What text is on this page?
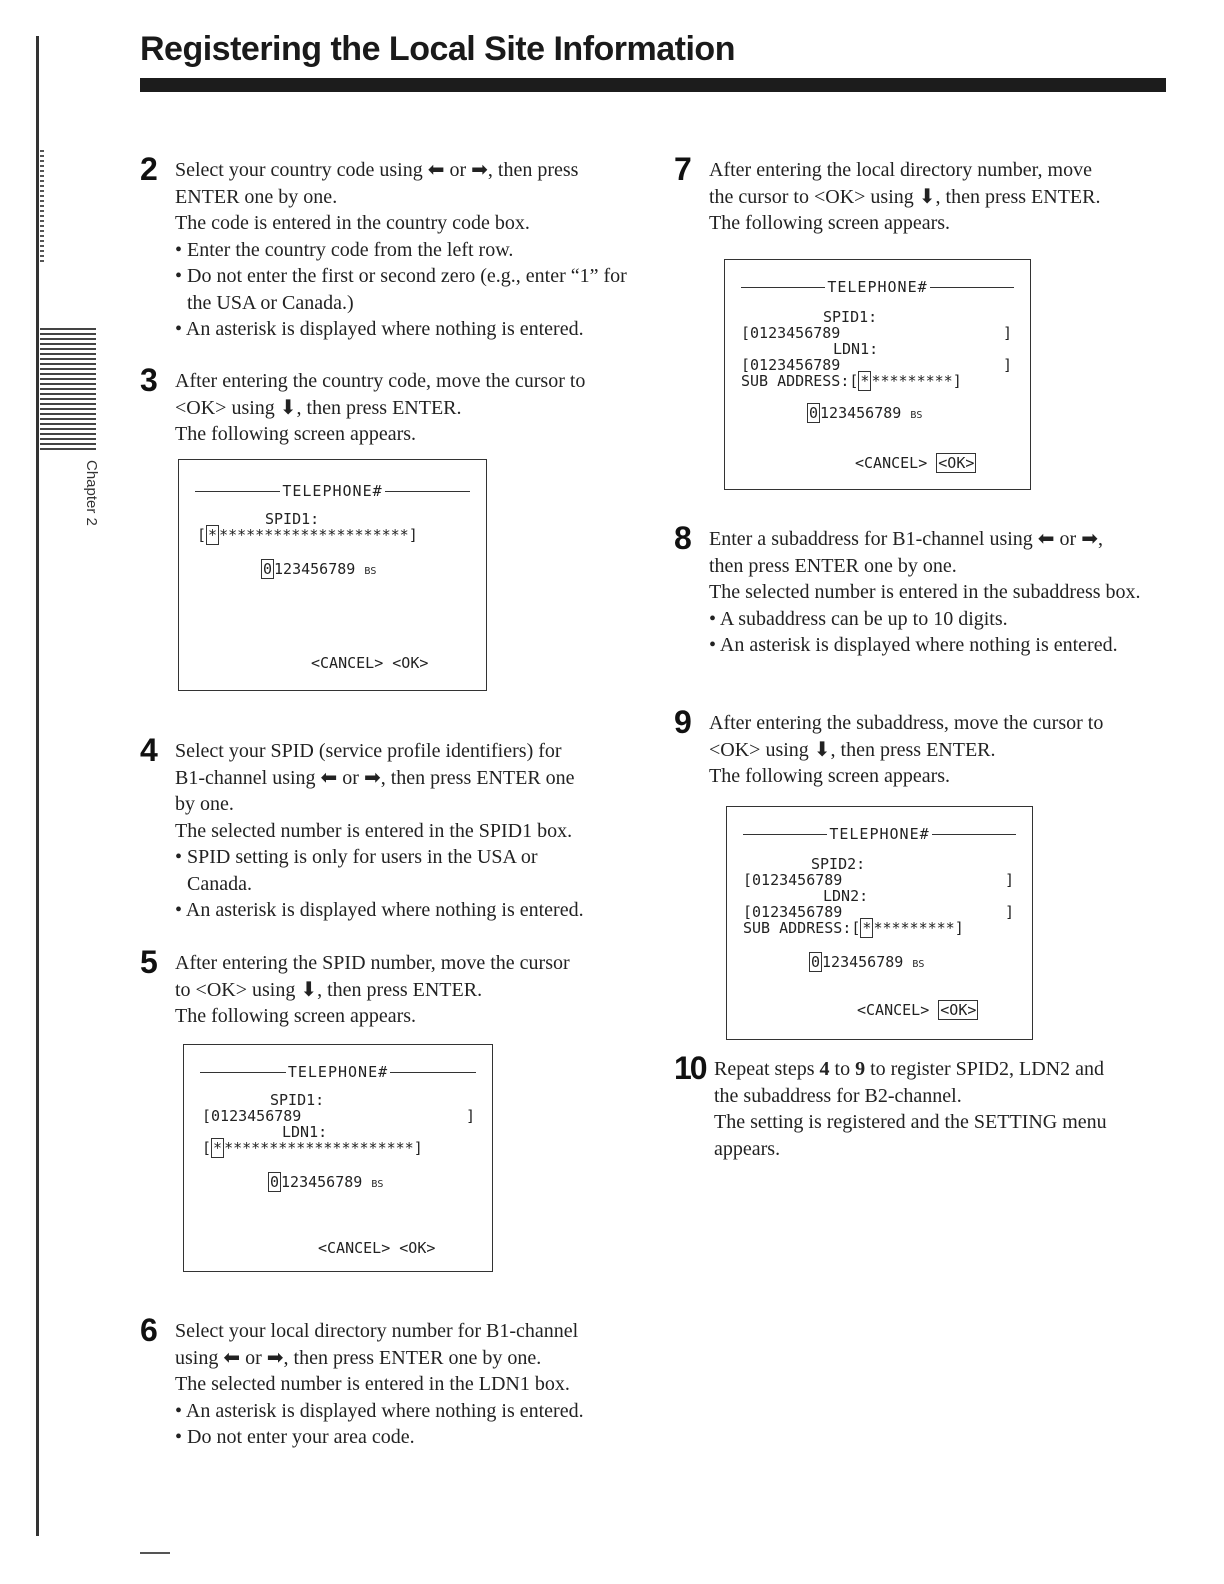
Chapter 2
Registering the Local Site Information
2 Select your country code using ⬅ or ➡, then press

ENTER one by one.

The code is entered in the country code box.

• Enter the country code from the left row.

• Do not enter the first or second zero (e.g., enter “1” for the USA or Canada.)

• An asterisk is displayed where nothing is entered.

3 After entering the country code, move the cursor to

<OK> using ⬇, then press ENTER.

The following screen appears.

TELEPHONE#
SPID1:
[ * *********************]
0 123456789 BS
<CANCEL> <OK>
4 Select your SPID (service profile identifiers) for

B1-channel using ⬅ or ➡, then press ENTER one

by one.

The selected number is entered in the SPID1 box.

• SPID setting is only for users in the USA or Canada.

• An asterisk is displayed where nothing is entered.

5 After entering the SPID number, move the cursor

to <OK> using ⬇, then press ENTER.

The following screen appears.

TELEPHONE#
SPID1:
[0123456789	]
LDN1:
[ * *********************]
0 123456789 BS
<CANCEL> <OK>
6 Select your local directory number for B1-channel

using ⬅ or ➡, then press ENTER one by one.

The selected number is entered in the LDN1 box.

• An asterisk is displayed where nothing is entered.

• Do not enter your area code.

7 After entering the local directory number, move

the cursor to <OK> using ⬇, then press ENTER.

The following screen appears.

TELEPHONE#
SPID1:
[0123456789	]
LDN1:
[0123456789	]
SUB ADDRESS:[ * *********]
0 123456789 BS
<CANCEL> <OK>
8 Enter a subaddress for B1-channel using ⬅ or ➡,

then press ENTER one by one.

The selected number is entered in the subaddress box.

• A subaddress can be up to 10 digits.

• An asterisk is displayed where nothing is entered.

9 After entering the subaddress, move the cursor to

<OK> using ⬇, then press ENTER.

The following screen appears.

TELEPHONE#
SPID2:
[0123456789	]
LDN2:
[0123456789	]
SUB ADDRESS:[ * *********]
0 123456789 BS
<CANCEL> <OK>
10 Repeat steps 4 to 9 to register SPID2, LDN2 and

the subaddress for B2-channel.

The setting is registered and the SETTING menu

appears.
